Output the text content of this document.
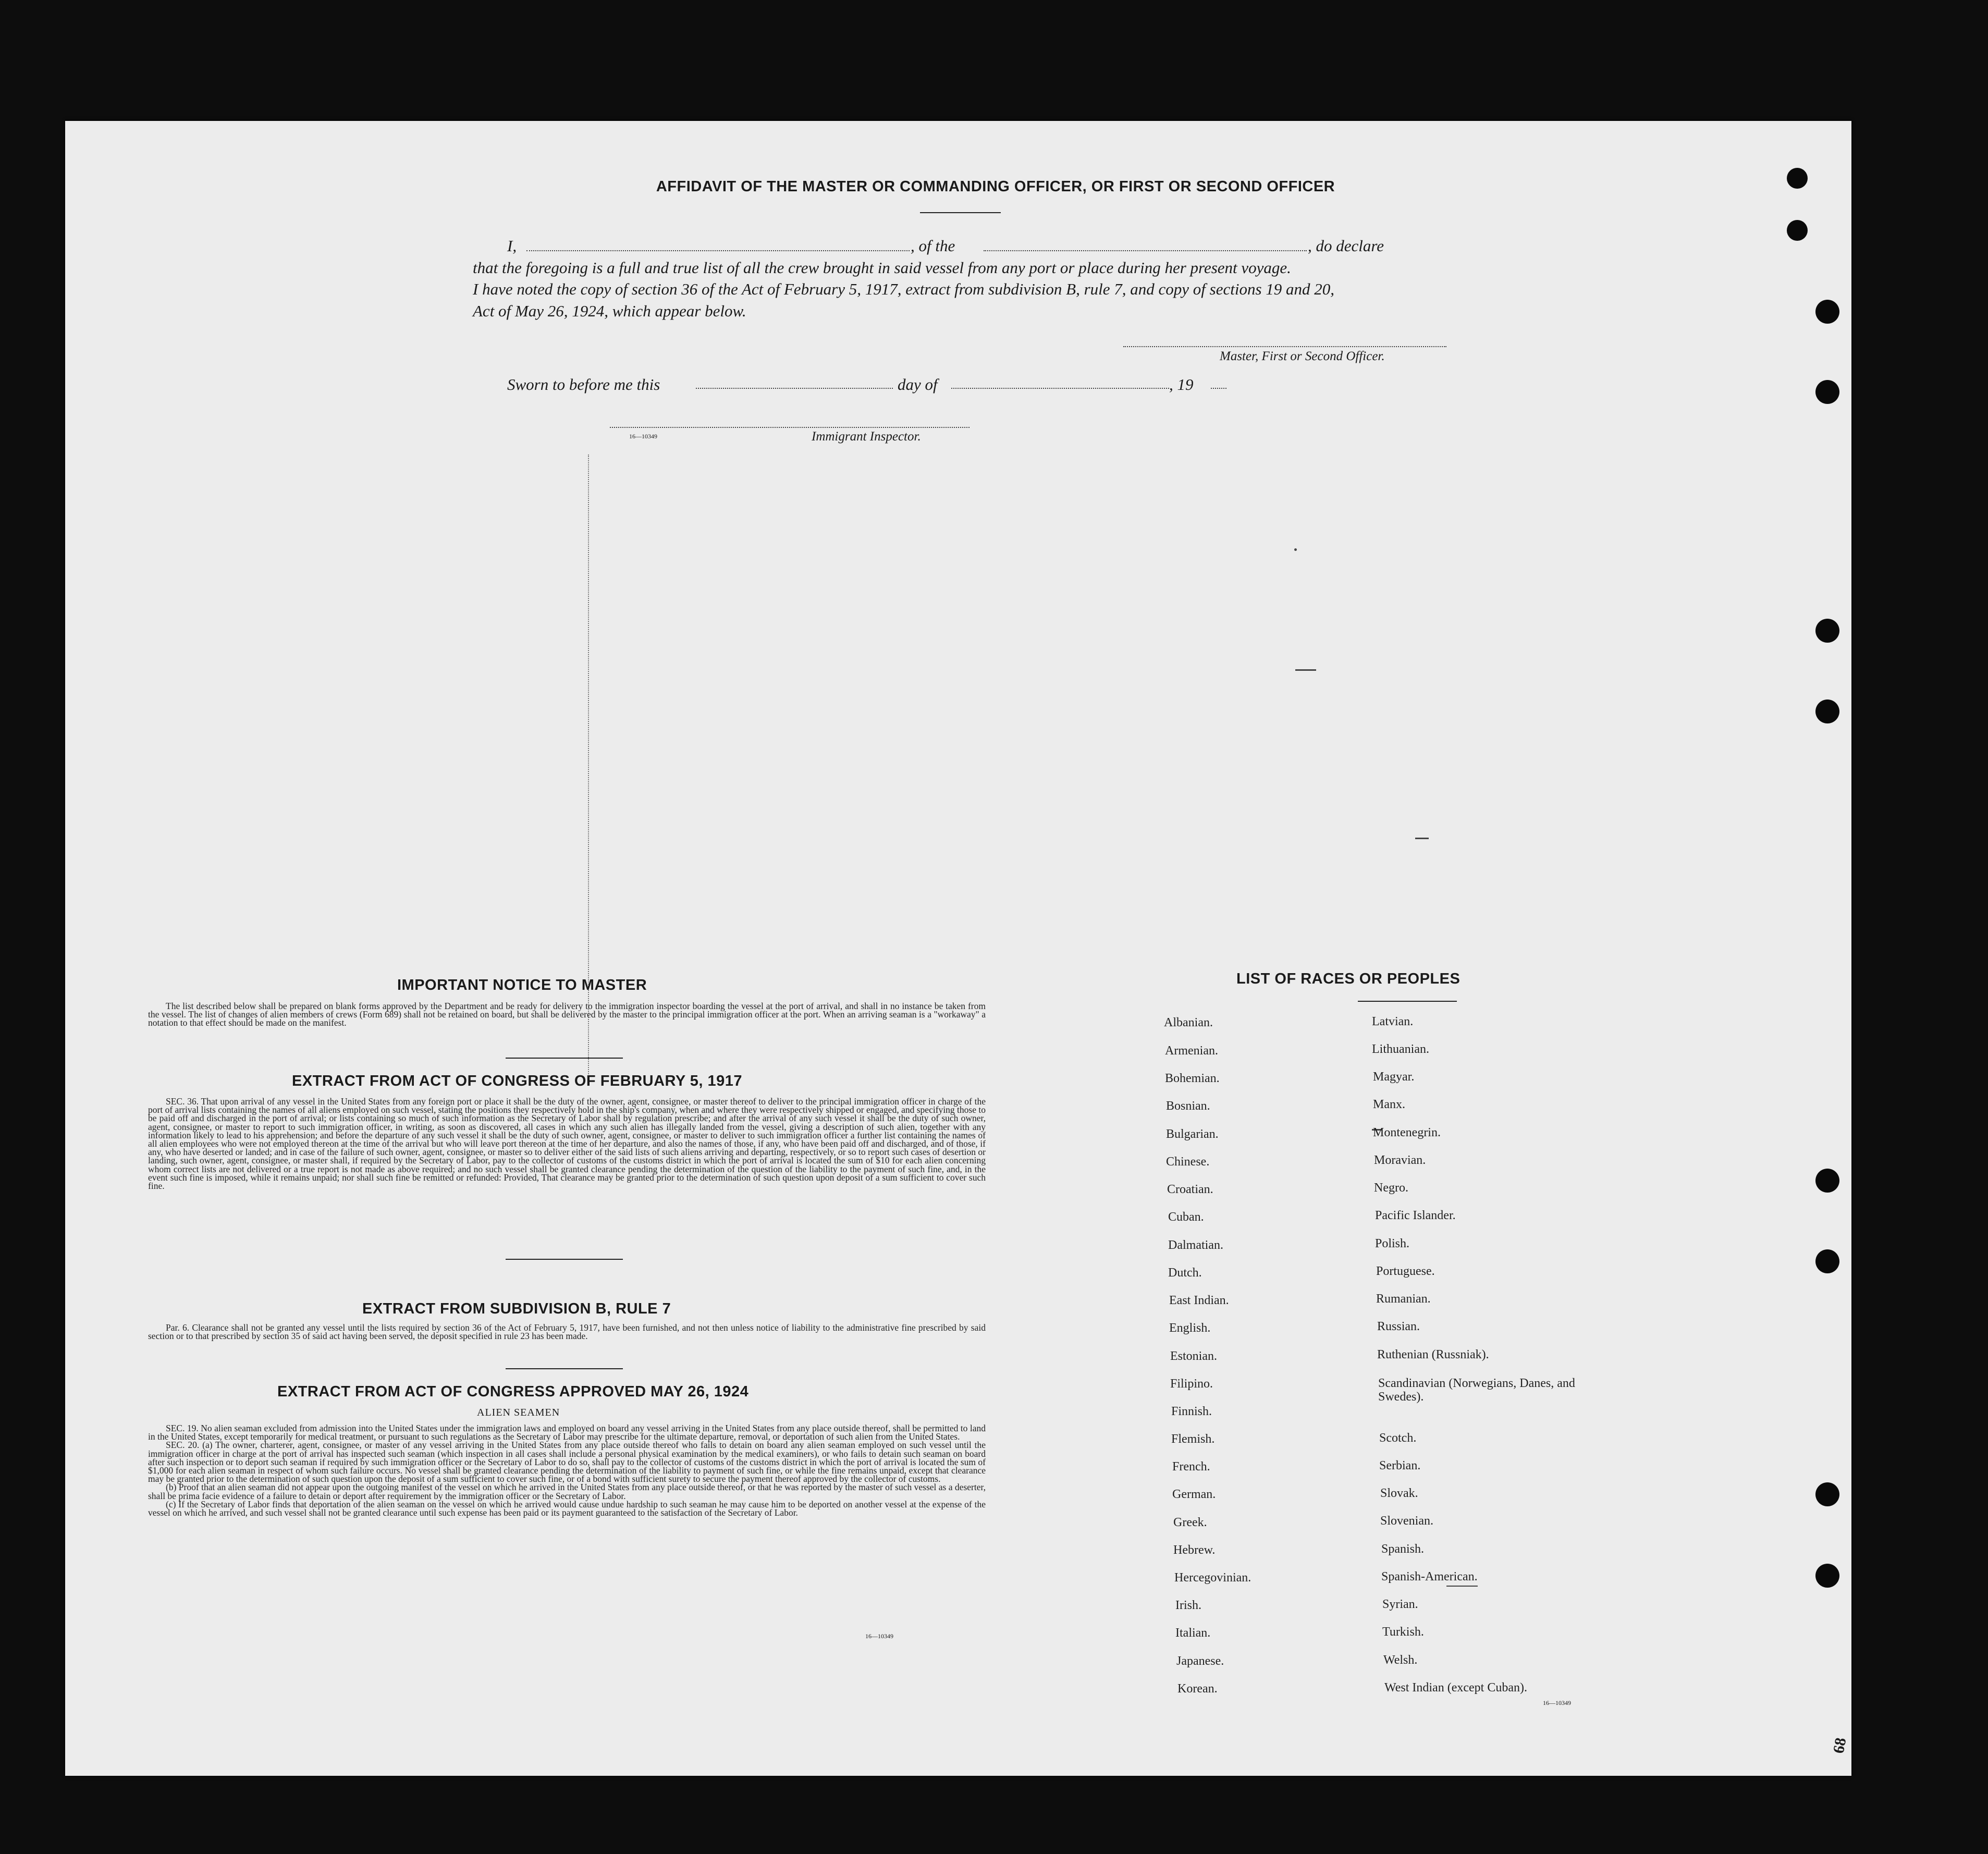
AFFIDAVIT OF THE MASTER OR COMMANDING OFFICER, OR FIRST OR SECOND OFFICER
I,	, of the	, do declare
that the foregoing is a full and true list of all the crew brought in said vessel from any port or place during her present voyage.
I have noted the copy of section 36 of the Act of February 5, 1917, extract from subdivision B, rule 7, and copy of sections 19 and 20,
Act of May 26, 1924, which appear below.
Master, First or Second Officer.
Sworn to before me this	day of	, 19
16—10349	Immigrant Inspector.
IMPORTANT NOTICE TO MASTER

The list described below shall be prepared on blank forms approved by the Department and be ready for delivery to the immigration inspector boarding the vessel at the port of arrival, and shall in no instance be taken from the vessel. The list of changes of alien members of crews (Form 689) shall not be retained on board, but shall be delivered by the master to the principal immigration officer at the port. When an arriving seaman is a "workaway" a notation to that effect should be made on the manifest.

EXTRACT FROM ACT OF CONGRESS OF FEBRUARY 5, 1917

SEC. 36. That upon arrival of any vessel in the United States from any foreign port or place it shall be the duty of the owner, agent, consignee, or master thereof to deliver to the principal immigration officer in charge of the port of arrival lists containing the names of all aliens employed on such vessel, stating the positions they respectively hold in the ship's company, when and where they were respectively shipped or engaged, and specifying those to be paid off and discharged in the port of arrival; or lists containing so much of such information as the Secretary of Labor shall by regulation prescribe; and after the arrival of any such vessel it shall be the duty of such owner, agent, consignee, or master to report to such immigration officer, in writing, as soon as discovered, all cases in which any such alien has illegally landed from the vessel, giving a description of such alien, together with any information likely to lead to his apprehension; and before the departure of any such vessel it shall be the duty of such owner, agent, consignee, or master to deliver to such immigration officer a further list containing the names of all alien employees who were not employed thereon at the time of the arrival but who will leave port thereon at the time of her departure, and also the names of those, if any, who have been paid off and discharged, and of those, if any, who have deserted or landed; and in case of the failure of such owner, agent, consignee, or master so to deliver either of the said lists of such aliens arriving and departing, respectively, or so to report such cases of desertion or landing, such owner, agent, consignee, or master shall, if required by the Secretary of Labor, pay to the collector of customs of the customs district in which the port of arrival is located the sum of $10 for each alien concerning whom correct lists are not delivered or a true report is not made as above required; and no such vessel shall be granted clearance pending the determination of the question of the liability to the payment of such fine, and, in the event such fine is imposed, while it remains unpaid; nor shall such fine be remitted or refunded: Provided, That clearance may be granted prior to the determination of such question upon deposit of a sum sufficient to cover such fine.

EXTRACT FROM SUBDIVISION B, RULE 7

Par. 6. Clearance shall not be granted any vessel until the lists required by section 36 of the Act of February 5, 1917, have been furnished, and not then unless notice of liability to the administrative fine prescribed by said section or to that prescribed by section 35 of said act having been served, the deposit specified in rule 23 has been made.

EXTRACT FROM ACT OF CONGRESS APPROVED MAY 26, 1924
ALIEN SEAMEN

SEC. 19. No alien seaman excluded from admission into the United States under the immigration laws and employed on board any vessel arriving in the United States from any place outside thereof, shall be permitted to land in the United States, except temporarily for medical treatment, or pursuant to such regulations as the Secretary of Labor may prescribe for the ultimate departure, removal, or deportation of such alien from the United States.

SEC. 20. (a) The owner, charterer, agent, consignee, or master of any vessel arriving in the United States from any place outside thereof who fails to detain on board any alien seaman employed on such vessel until the immigration officer in charge at the port of arrival has inspected such seaman (which inspection in all cases shall include a personal physical examination by the medical examiners), or who fails to detain such seaman on board after such inspection or to deport such seaman if required by such immigration officer or the Secretary of Labor to do so, shall pay to the collector of customs of the customs district in which the port of arrival is located the sum of $1,000 for each alien seaman in respect of whom such failure occurs. No vessel shall be granted clearance pending the determination of the liability to payment of such fine, or while the fine remains unpaid, except that clearance may be granted prior to the determination of such question upon the deposit of a sum sufficient to cover such fine, or of a bond with sufficient surety to secure the payment thereof approved by the collector of customs.

(b) Proof that an alien seaman did not appear upon the outgoing manifest of the vessel on which he arrived in the United States from any place outside thereof, or that he was reported by the master of such vessel as a deserter, shall be prima facie evidence of a failure to detain or deport after requirement by the immigration officer or the Secretary of Labor.

(c) If the Secretary of Labor finds that deportation of the alien seaman on the vessel on which he arrived would cause undue hardship to such seaman he may cause him to be deported on another vessel at the expense of the vessel on which he arrived, and such vessel shall not be granted clearance until such expense has been paid or its payment guaranteed to the satisfaction of the Secretary of Labor.

16—10349
LIST OF RACES OR PEOPLES
Albanian.
Armenian.
Bohemian.
Bosnian.
Bulgarian.
Chinese.
Croatian.
Cuban.
Dalmatian.
Dutch.
East Indian.
English.
Estonian.
Filipino.
Finnish.
Flemish.
French.
German.
Greek.
Hebrew.
Hercegovinian.
Irish.
Italian.
Japanese.
Korean.
Latvian.
Lithuanian.
Magyar.
Manx.
Montenegrin.
Moravian.
Negro.
Pacific Islander.
Polish.
Portuguese.
Rumanian.
Russian.
Ruthenian (Russniak).
Scandinavian (Norwegians, Danes, and Swedes).
Scotch.
Serbian.
Slovak.
Slovenian.
Spanish.
Spanish-American.
Syrian.
Turkish.
Welsh.
West Indian (except Cuban).
16—10349
68
